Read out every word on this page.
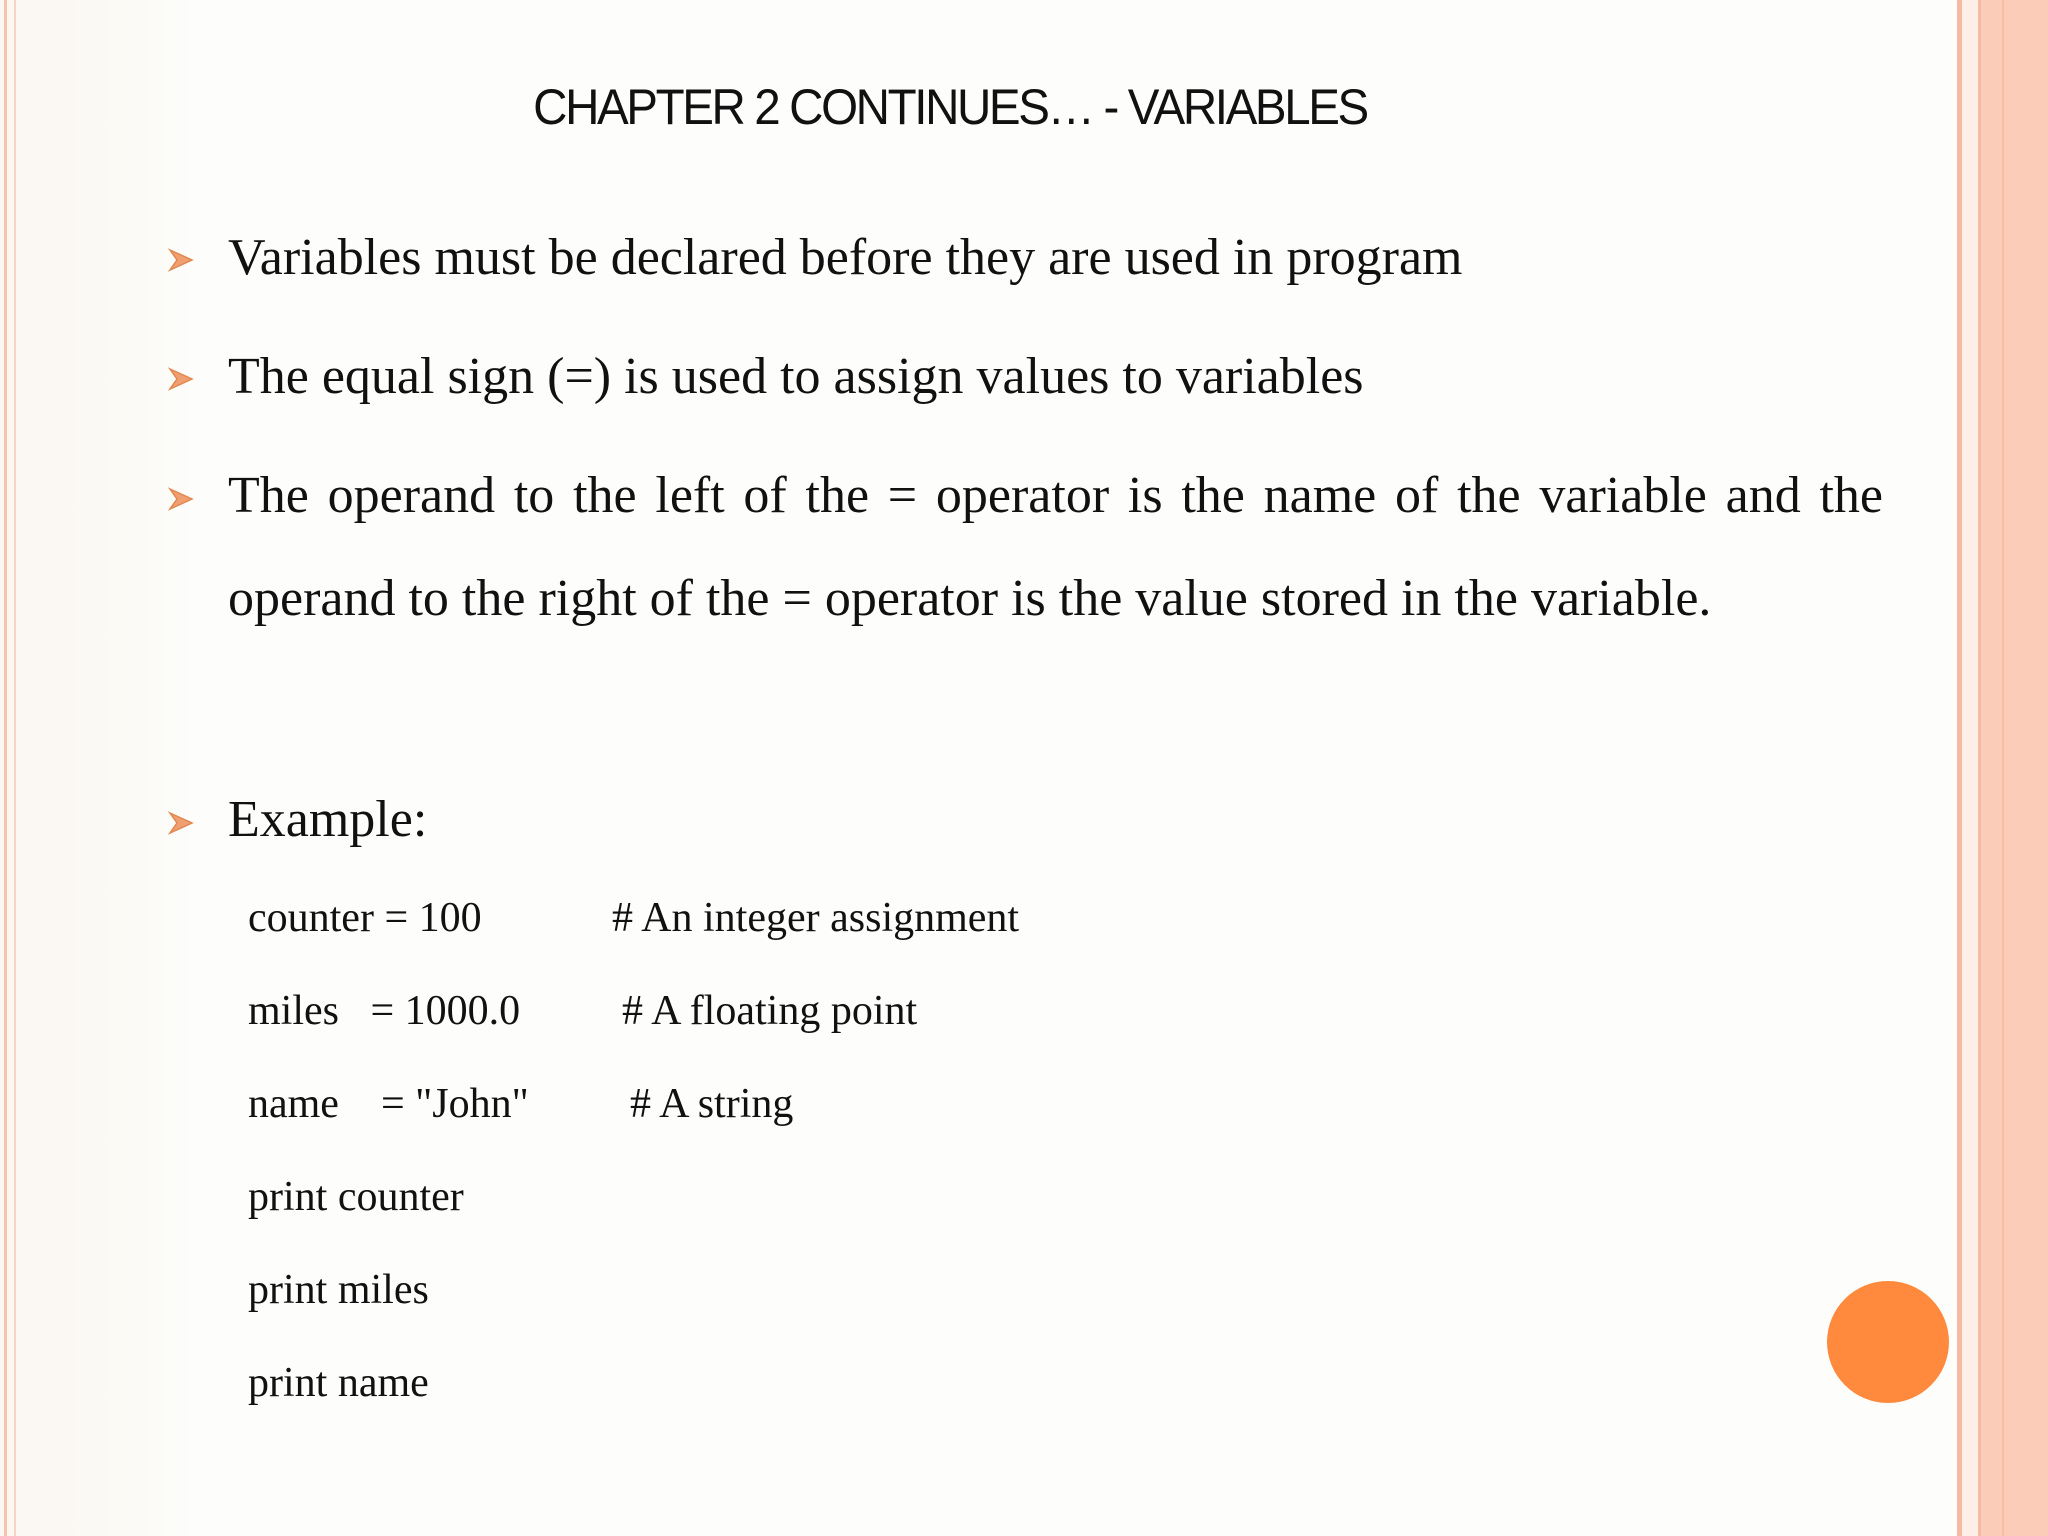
CHAPTER 2 CONTINUES… - VARIABLES
Variables must be declared before they are used in program
The equal sign (=) is used to assign values to variables
The operand to the left of the = operator is the name of the variable and the operand to the right of the = operator is the value stored in the variable.
Example:
counter = 100	# An integer assignment
miles   = 1000.0 # A floating point
name    = "John" # A string
print counter
print miles
print name
